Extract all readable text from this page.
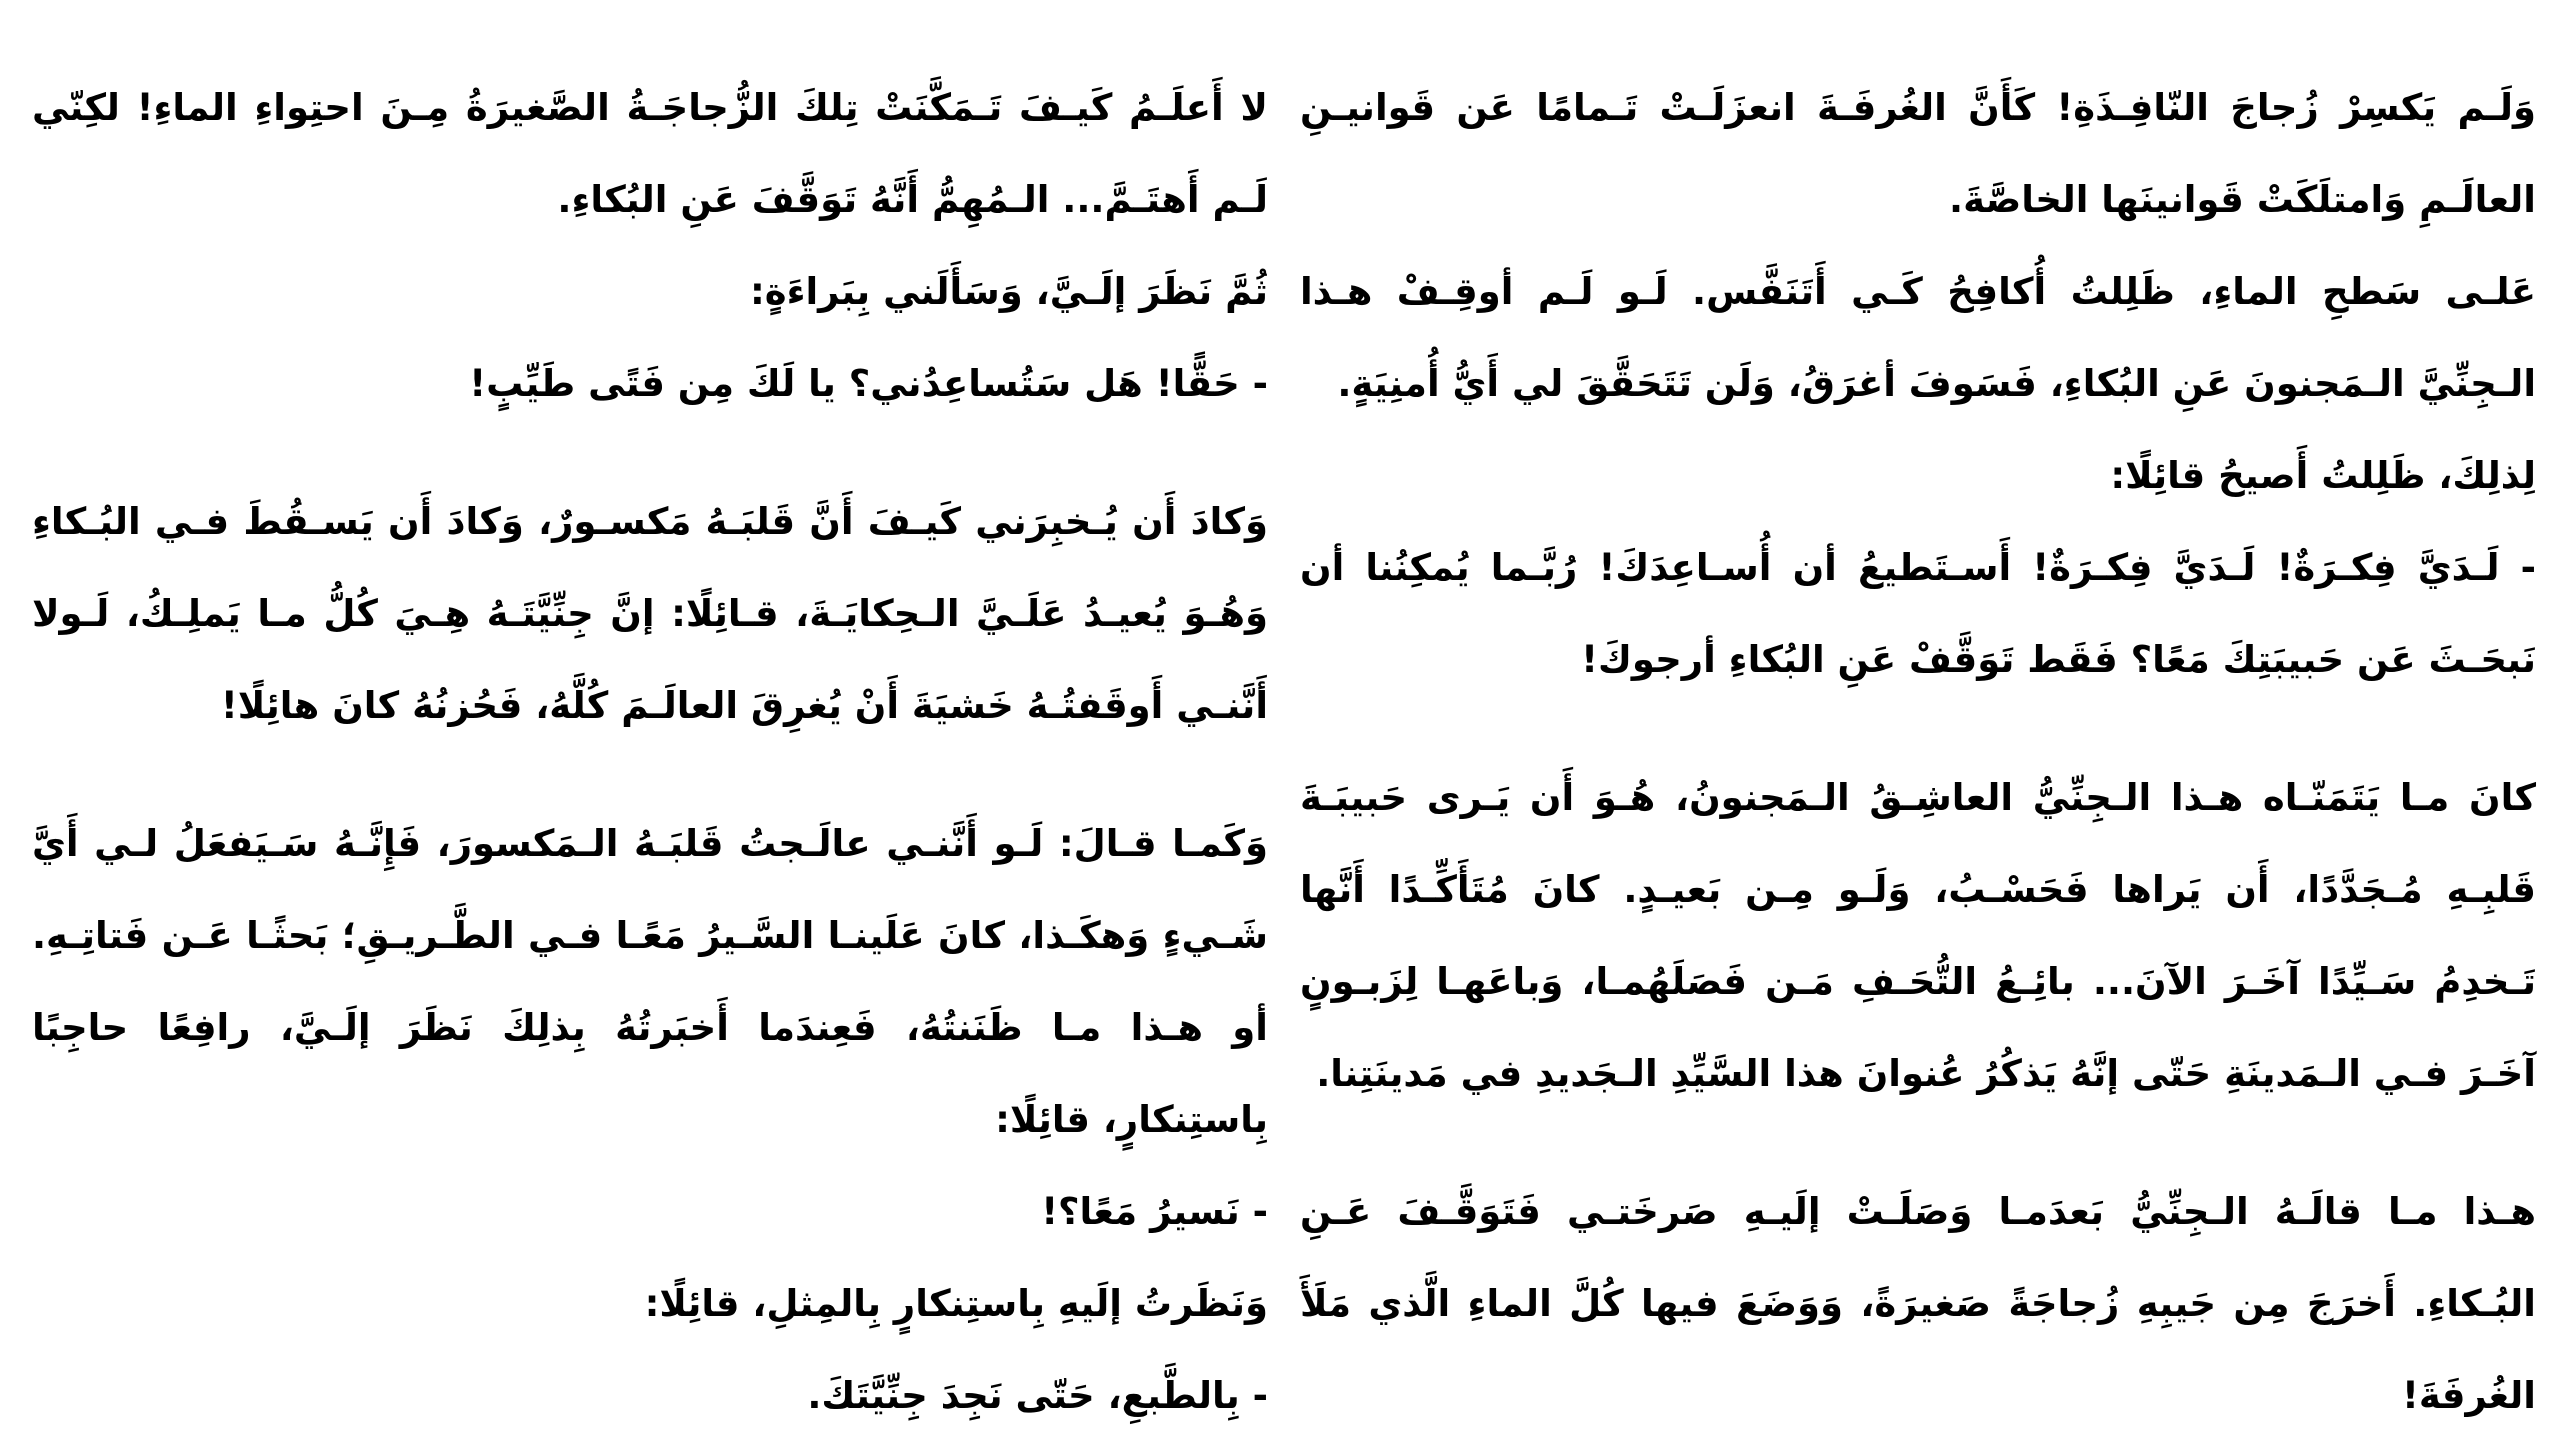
وَلَـم يَكسِرْ زُجاجَ النّافِـذَةِ! كَأَنَّ الغُرفَـةَ انعزَلَـتْ تَـمامًا عَن قَوانيـنِ العالَـمِ وَامتلَكَتْ قَوانينَها الخاصَّةَ.

عَلـى سَطحِ الماءِ، ظَلِلتُ أُكافِحُ كَـي أَتَنَفَّس. لَـو لَـم أوقِـفْ هـذا الـجِنِّيَّ الـمَجنونَ عَنِ البُكاءِ، فَسَوفَ أغرَقُ، وَلَن تَتَحَقَّقَ لي أَيُّ أُمنِيَةٍ.

لِذلِكَ، ظَلِلتُ أَصيحُ قائِلًا:

- لَـدَيَّ فِكـرَةٌ! لَـدَيَّ فِكـرَةٌ! أَسـتَطيعُ أن أُسـاعِدَكَ! رُبَّـما يُمكِنُنا أن نَبحَـثَ عَن حَبيبَتِكَ مَعًا؟ فَقَط تَوَقَّفْ عَنِ البُكاءِ أرجوكَ!

كانَ مـا يَتَمَنّـاه هـذا الـجِنِّيُّ العاشِـقُ الـمَجنونُ، هُـوَ أَن يَـرى حَبيبَـةَ قَلبِـهِ مُـجَدَّدًا، أَن يَراها فَحَسْـبُ، وَلَـو مِـن بَعيـدٍ. كانَ مُتَأَكِّـدًا أَنَّها تَـخدِمُ سَـيِّدًا آخَـرَ الآنَ... بائِـعُ التُّحَـفِ مَـن فَصَلَهُمـا، وَباعَهـا لِزَبـونٍ آخَـرَ فـي الـمَدينَةِ حَتّى إنَّهُ يَذكُرُ عُنوانَ هذا السَّيِّدِ الـجَديدِ في مَدينَتِنا.

هـذا مـا قالَـهُ الـجِنِّيُّ بَعدَمـا وَصَلَـتْ إلَيـهِ صَرخَتـي فَتَوَقَّـفَ عَـنِ البُـكاءِ. أَخرَجَ مِن جَيبِهِ زُجاجَةً صَغيرَةً، وَوَضَعَ فيها كُلَّ الماءِ الَّذي مَلَأَ الغُرفَةَ!

لا أَعلَـمُ كَيـفَ تَـمَكَّنَتْ تِلكَ الزُّجاجَـةُ الصَّغيرَةُ مِـنَ احتِواءِ الماءِ! لكِنّي لَـم أَهتَـمَّ... الـمُهِمُّ أَنَّهُ تَوَقَّفَ عَنِ البُكاءِ.

ثُمَّ نَظَرَ إلَـيَّ، وَسَأَلَني بِبَراءَةٍ:

- حَقًّا! هَل سَتُساعِدُني؟ يا لَكَ مِن فَتًى طَيِّبٍ!

وَكادَ أَن يُـخبِرَني كَيـفَ أَنَّ قَلبَـهُ مَكسـورٌ، وَكادَ أَن يَسـقُطَ فـي البُـكاءِ وَهُـوَ يُعيـدُ عَلَـيَّ الـحِكايَـةَ، قـائِلًا: إنَّ جِنِّيَّتَـهُ هِـيَ كُلُّ مـا يَملِـكُ، لَـولا أَنَّنـي أَوقَفتُـهُ خَشيَةَ أَنْ يُغرِقَ العالَـمَ كُلَّهُ، فَحُزنُهُ كانَ هائِلًا!

وَكَمـا قـالَ: لَـو أَنَّنـي عالَـجتُ قَلبَـهُ الـمَكسورَ، فَإِنَّـهُ سَـيَفعَلُ لـي أَيَّ شَـيءٍ وَهكَـذا، كانَ عَلَينـا السَّـيرُ مَعًـا فـي الطَّـريـقِ؛ بَحثًـا عَـن فَتاتِـهِ. أو هـذا مـا ظَنَنتُهُ، فَعِندَما أَخبَرتُهُ بِذلِكَ نَظَرَ إلَـيَّ، رافِعًا حاجِبًا بِاستِنكارٍ، قائِلًا:

- نَسيرُ مَعًا؟!

وَنَظَرتُ إلَيهِ بِاستِنكارٍ بِالمِثلِ، قائِلًا:

- بِالطَّبعِ، حَتّى نَجِدَ جِنِّيَّتَكَ.
